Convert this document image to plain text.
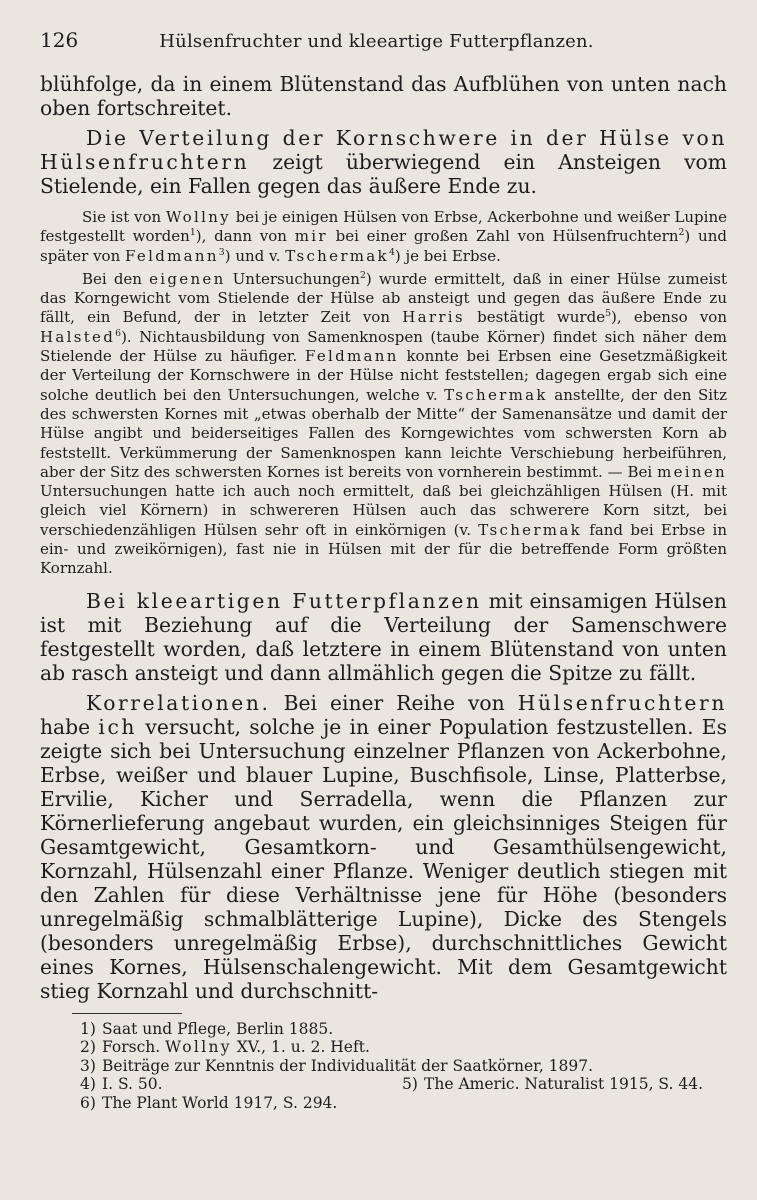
126	Hülsenfruchter und kleeartige Futterpflanzen.

blühfolge, da in einem Blütenstand das Aufblühen von unten nach oben fortschreitet.

Die Verteilung der Kornschwere in der Hülse von Hülsenfruchtern zeigt überwiegend ein Ansteigen vom Stielende, ein Fallen gegen das äußere Ende zu.

Sie ist von Wollny bei je einigen Hülsen von Erbse, Ackerbohne und weißer Lupine festgestellt worden$^1$), dann von mir bei einer großen Zahl von Hülsenfruchtern$^2$) und später von Feldmann$^3$) und v. Tschermak$^4$) je bei Erbse.

Bei den eigenen Untersuchungen$^2$) wurde ermittelt, daß in einer Hülse zumeist das Korngewicht vom Stielende der Hülse ab ansteigt und gegen das äußere Ende zu fällt, ein Befund, der in letzter Zeit von Harris bestätigt wurde$^5$), ebenso von Halsted$^6$). Nichtausbildung von Samenknospen (taube Körner) findet sich näher dem Stielende der Hülse zu häufiger. Feldmann konnte bei Erbsen eine Gesetzmäßigkeit der Verteilung der Kornschwere in der Hülse nicht feststellen; dagegen ergab sich eine solche deutlich bei den Untersuchungen, welche v. Tschermak anstellte, der den Sitz des schwersten Kornes mit „etwas oberhalb der Mitte“ der Samenansätze und damit der Hülse angibt und beiderseitiges Fallen des Korngewichtes vom schwersten Korn ab feststellt. Verkümmerung der Samenknospen kann leichte Verschiebung herbeiführen, aber der Sitz des schwersten Kornes ist bereits von vornherein bestimmt. — Bei meinen Untersuchungen hatte ich auch noch ermittelt, daß bei gleichzähligen Hülsen (H. mit gleich viel Körnern) in schwereren Hülsen auch das schwerere Korn sitzt, bei verschiedenzähligen Hülsen sehr oft in einkörnigen (v. Tschermak fand bei Erbse in ein- und zweikörnigen), fast nie in Hülsen mit der für die betreffende Form größten Kornzahl.

Bei kleeartigen Futterpflanzen mit einsamigen Hülsen ist mit Beziehung auf die Verteilung der Samenschwere festgestellt worden, daß letztere in einem Blütenstand von unten ab rasch ansteigt und dann allmählich gegen die Spitze zu fällt.

Korrelationen. Bei einer Reihe von Hülsenfruchtern habe ich versucht, solche je in einer Population festzustellen. Es zeigte sich bei Untersuchung einzelner Pflanzen von Ackerbohne, Erbse, weißer und blauer Lupine, Buschfisole, Linse, Platterbse, Ervilie, Kicher und Serradella, wenn die Pflanzen zur Körnerlieferung angebaut wurden, ein gleichsinniges Steigen für Gesamtgewicht, Gesamtkorn- und Gesamthülsengewicht, Kornzahl, Hülsenzahl einer Pflanze. Weniger deutlich stiegen mit den Zahlen für diese Verhältnisse jene für Höhe (besonders unregelmäßig schmalblätterige Lupine), Dicke des Stengels (besonders unregelmäßig Erbse), durchschnittliches Gewicht eines Kornes, Hülsenschalengewicht. Mit dem Gesamtgewicht stieg Kornzahl und durchschnitt-

1) Saat und Pflege, Berlin 1885.
2) Forsch. Wollny XV., 1. u. 2. Heft.
3) Beiträge zur Kenntnis der Individualität der Saatkörner, 1897.
4) I. S. 50.	5) The Americ. Naturalist 1915, S. 44.
6) The Plant World 1917, S. 294.
